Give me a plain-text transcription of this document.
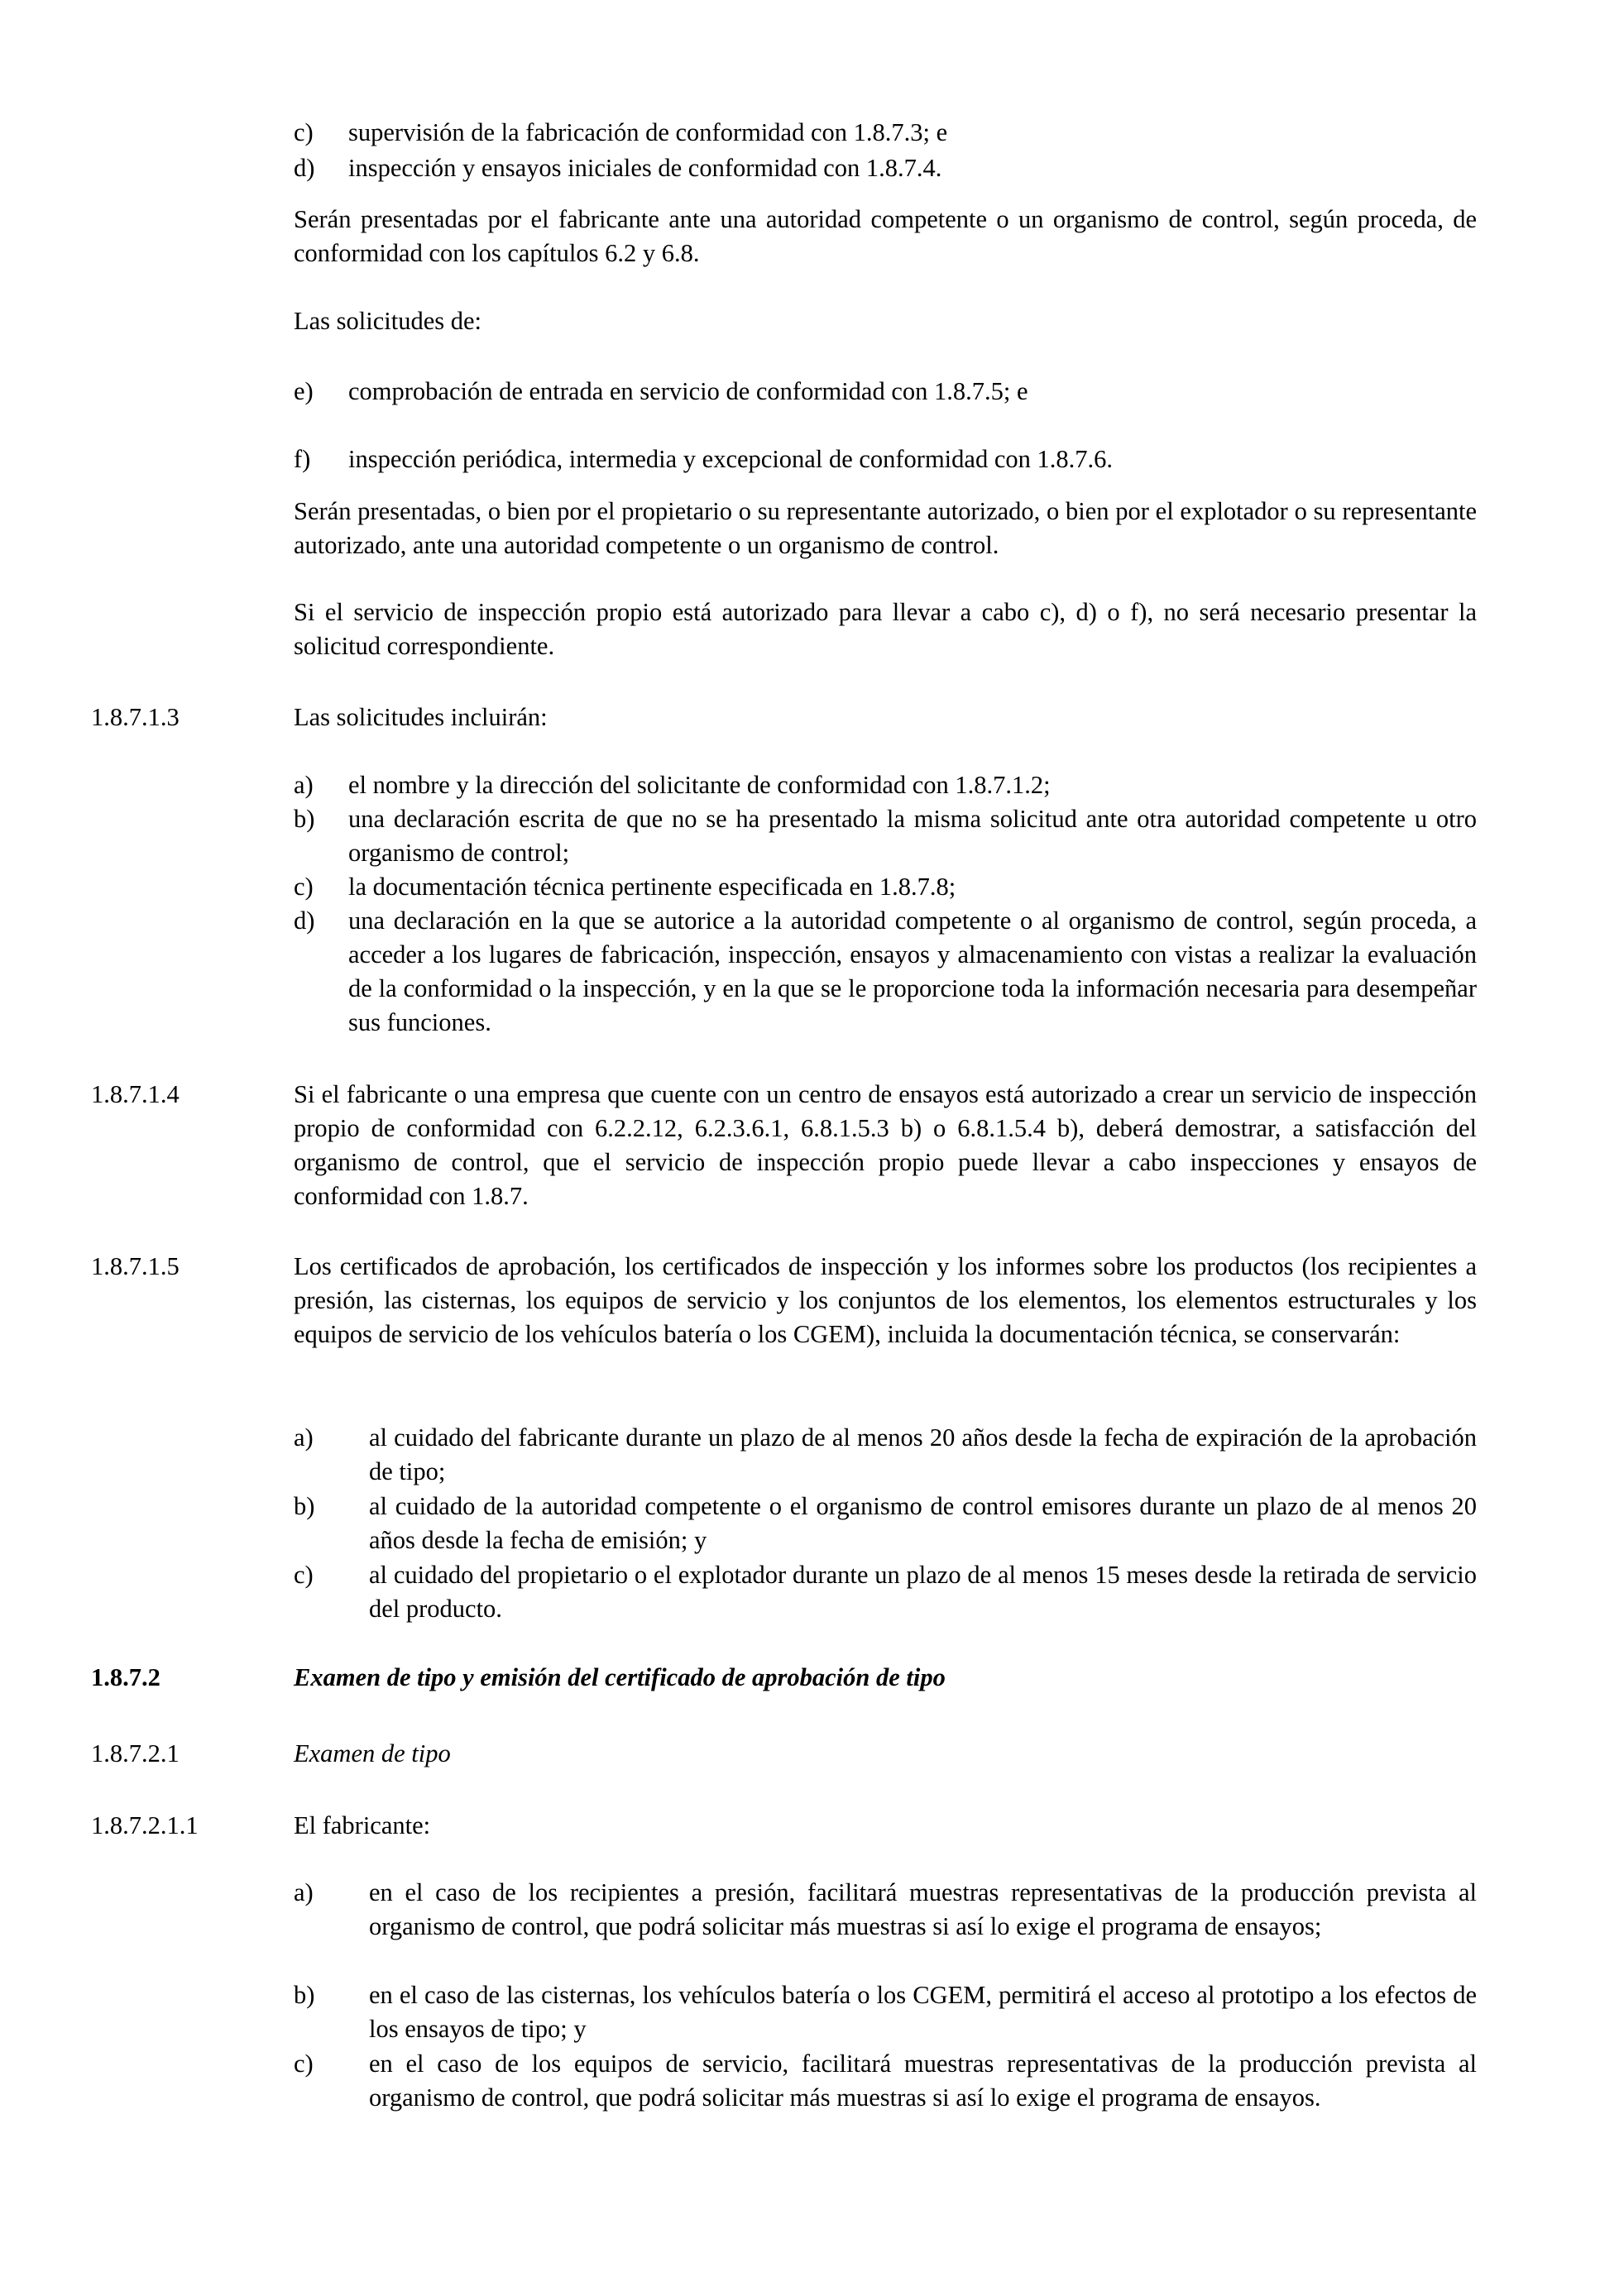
c) supervisión de la fabricación de conformidad con 1.8.7.3; e
d) inspección y ensayos iniciales de conformidad con 1.8.7.4.
Serán presentadas por el fabricante ante una autoridad competente o un organismo de control, según proceda, de conformidad con los capítulos 6.2 y 6.8.
Las solicitudes de:
e) comprobación de entrada en servicio de conformidad con 1.8.7.5; e
f) inspección periódica, intermedia y excepcional de conformidad con 1.8.7.6.
Serán presentadas, o bien por el propietario o su representante autorizado, o bien por el explotador o su representante autorizado, ante una autoridad competente o un organismo de control.
Si el servicio de inspección propio está autorizado para llevar a cabo c), d) o f), no será necesario presentar la solicitud correspondiente.
1.8.7.1.3	Las solicitudes incluirán:
a) el nombre y la dirección del solicitante de conformidad con 1.8.7.1.2;
b) una declaración escrita de que no se ha presentado la misma solicitud ante otra autoridad competente u otro organismo de control;
c) la documentación técnica pertinente especificada en 1.8.7.8;
d) una declaración en la que se autorice a la autoridad competente o al organismo de control, según proceda, a acceder a los lugares de fabricación, inspección, ensayos y almacenamiento con vistas a realizar la evaluación de la conformidad o la inspección, y en la que se le proporcione toda la información necesaria para desempeñar sus funciones.
1.8.7.1.4	Si el fabricante o una empresa que cuente con un centro de ensayos está autorizado a crear un servicio de inspección propio de conformidad con 6.2.2.12, 6.2.3.6.1, 6.8.1.5.3 b) o 6.8.1.5.4 b), deberá demostrar, a satisfacción del organismo de control, que el servicio de inspección propio puede llevar a cabo inspecciones y ensayos de conformidad con 1.8.7.
1.8.7.1.5	Los certificados de aprobación, los certificados de inspección y los informes sobre los productos (los recipientes a presión, las cisternas, los equipos de servicio y los conjuntos de los elementos, los elementos estructurales y los equipos de servicio de los vehículos batería o los CGEM), incluida la documentación técnica, se conservarán:
a) al cuidado del fabricante durante un plazo de al menos 20 años desde la fecha de expiración de la aprobación de tipo;
b) al cuidado de la autoridad competente o el organismo de control emisores durante un plazo de al menos 20 años desde la fecha de emisión; y
c) al cuidado del propietario o el explotador durante un plazo de al menos 15 meses desde la retirada de servicio del producto.
1.8.7.2	Examen de tipo y emisión del certificado de aprobación de tipo
1.8.7.2.1	Examen de tipo
1.8.7.2.1.1	El fabricante:
a) en el caso de los recipientes a presión, facilitará muestras representativas de la producción prevista al organismo de control, que podrá solicitar más muestras si así lo exige el programa de ensayos;
b) en el caso de las cisternas, los vehículos batería o los CGEM, permitirá el acceso al prototipo a los efectos de los ensayos de tipo; y
c) en el caso de los equipos de servicio, facilitará muestras representativas de la producción prevista al organismo de control, que podrá solicitar más muestras si así lo exige el programa de ensayos.
